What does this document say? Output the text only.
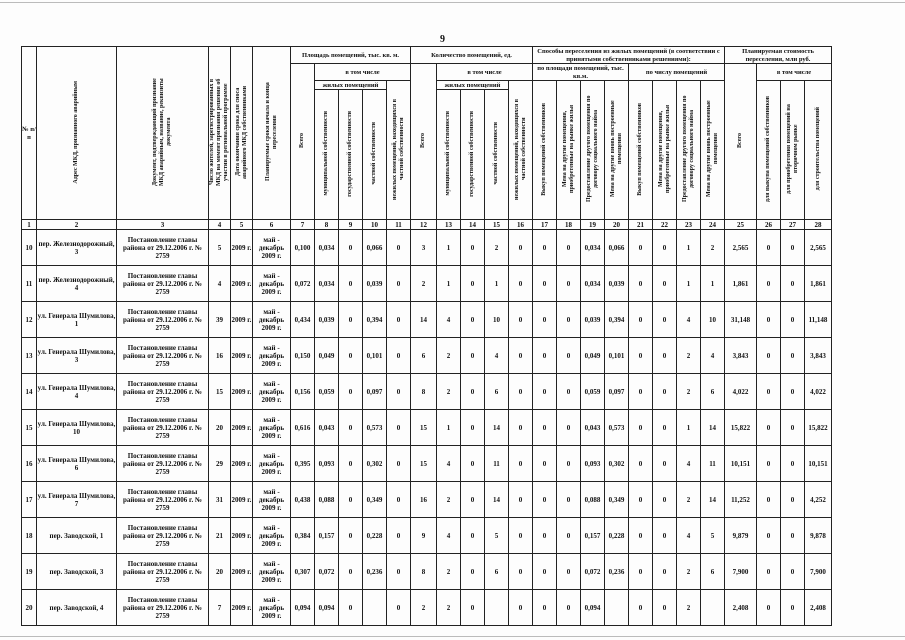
9
№ п/п	Адрес МКД, признанного аварийным	Документ, подтверждающий признание МКД аварийным, название, реквизиты документа	Число жителей, зарегистрированных в МКД на момент признания решения об участии в региональной программе	Дата окончания срока для сноса аварийного МКД собственниками	Планируемые сроки начала и конца переселения	Площадь помещений, тыс. кв. м.					Количество помещений, ед.					Способы переселения из жилых помещений (в соответствии с принятыми собственниками решениями):								Планируемая стоимость переселения, млн руб.			
						Всего	в том числе				Всего	в том числе				по площади помещений, тыс. кв.м.				по числу помещений				Всего	в том числе		
							жилых помещений			нежилых помещений, находящихся в частной собственности		жилых помещений			нежилых помещений, находящихся в частной собственности	Выкуп помещений собственников	Мена на другие помещения, приобретенные на рынке жилья	Предоставление другого помещения по договору социального найма	Мена на другие вновь построенные помещения	Выкуп помещений собственников	Мена на другие помещения, приобретенные на рынке жилья	Предоставление другого помещения по договору социального найма	Мена на другие вновь построенные помещения		для выкупа помещений собственников	для приобретения помещений на вторичном рынке	для строительства помещений
							муниципальной собственности	государственной собственности	частной собственности			муниципальной собственности	государственной собственности	частной собственности													
1	2	3	4	5	6	7	8	9	10	11	12	13	14	15	16	17	18	19	20	21	22	23	24	25	26	27	28
10	пер. Железнодорожный, 3	Постановление главы района от 29.12.2006 г. № 2759	5	2009 г.	май - декабрь 2009 г.	0,100	0,034	0	0,066	0	3	1	0	2	0	0	0	0,034	0,066	0	0	1	2	2,565	0	0	2,565
11	пер. Железнодорожный, 4	Постановление главы района от 29.12.2006 г. № 2759	4	2009 г.	май - декабрь 2009 г.	0,072	0,034	0	0,039	0	2	1	0	1	0	0	0	0,034	0,039	0	0	1	1	1,861	0	0	1,861
12	ул. Генерала Шумилова, 1	Постановление главы района от 29.12.2006 г. № 2759	39	2009 г.	май - декабрь 2009 г.	0,434	0,039	0	0,394	0	14	4	0	10	0	0	0	0,039	0,394	0	0	4	10	31,148	0	0	11,148
13	ул. Генерала Шумилова, 3	Постановление главы района от 29.12.2006 г. № 2759	16	2009 г.	май - декабрь 2009 г.	0,150	0,049	0	0,101	0	6	2	0	4	0	0	0	0,049	0,101	0	0	2	4	3,843	0	0	3,843
14	ул. Генерала Шумилова, 4	Постановление главы района от 29.12.2006 г. № 2759	15	2009 г.	май - декабрь 2009 г.	0,156	0,059	0	0,097	0	8	2	0	6	0	0	0	0,059	0,097	0	0	2	6	4,022	0	0	4,022
15	ул. Генерала Шумилова, 10	Постановление главы района от 29.12.2006 г. № 2759	20	2009 г.	май - декабрь 2009 г.	0,616	0,043	0	0,573	0	15	1	0	14	0	0	0	0,043	0,573	0	0	1	14	15,822	0	0	15,822
16	ул. Генерала Шумилова, 6	Постановление главы района от 29.12.2006 г. № 2759	29	2009 г.	май - декабрь 2009 г.	0,395	0,093	0	0,302	0	15	4	0	11	0	0	0	0,093	0,302	0	0	4	11	10,151	0	0	10,151
17	ул. Генерала Шумилова, 7	Постановление главы района от 29.12.2006 г. № 2759	31	2009 г.	май - декабрь 2009 г.	0,438	0,088	0	0,349	0	16	2	0	14	0	0	0	0,088	0,349	0	0	2	14	11,252	0	0	4,252
18	пер. Заводской, 1	Постановление главы района от 29.12.2006 г. № 2759	21	2009 г.	май - декабрь 2009 г.	0,384	0,157	0	0,228	0	9	4	0	5	0	0	0	0,157	0,228	0	0	4	5	9,879	0	0	9,878
19	пер. Заводской, 3	Постановление главы района от 29.12.2006 г. № 2759	20	2009 г.	май - декабрь 2009 г.	0,307	0,072	0	0,236	0	8	2	0	6	0	0	0	0,072	0,236	0	0	2	6	7,900	0	0	7,900
20	пер. Заводской, 4	Постановление главы района от 29.12.2006 г. № 2759	7	2009 г.	май - декабрь 2009 г.	0,094	0,094	0		0	2	2	0		0	0	0	0,094		0	0	2		2,408	0	0	2,408
